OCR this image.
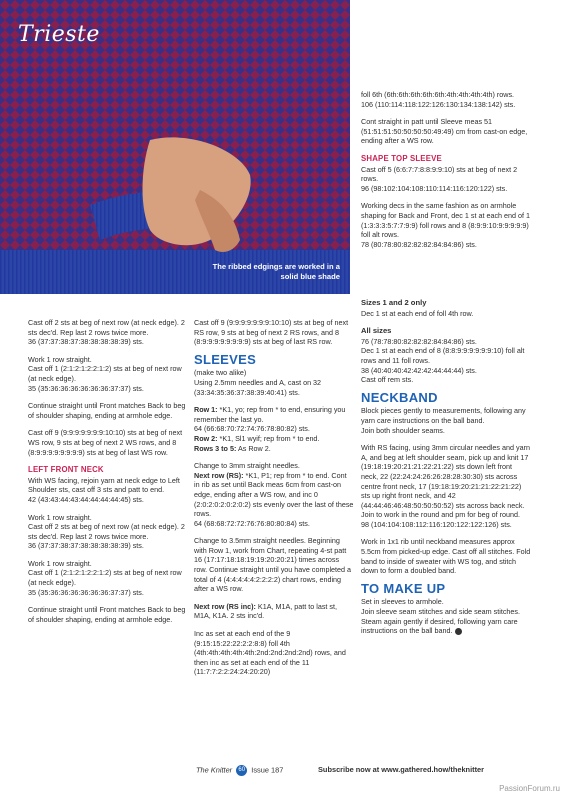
Trieste
The ribbed edgings are worked in a solid blue shade

Cast off 2 sts at beg of next row (at neck edge). 2 sts dec'd. Rep last 2 rows twice more.
36 (37:37:38:37:38:38:38:38:39) sts.

Work 1 row straight.
Cast off 1 (2:1:2:1:2:2:1:2) sts at beg of next row (at neck edge).
35 (35:36:36:36:36:36:36:37:37) sts.

Continue straight until Front matches Back to beg of shoulder shaping, ending at armhole edge.

Cast off 9 (9:9:9:9:9:9:9:10:10) sts at beg of next WS row, 9 sts at beg of next 2 WS rows, and 8 (8:9:9:9:9:9:9:9:9) sts at beg of last WS row.

LEFT FRONT NECK

With WS facing, rejoin yarn at neck edge to Left Shoulder sts, cast off 3 sts and patt to end.
42 (43:43:44:43:44:44:44:44:45) sts.

Work 1 row straight.
Cast off 2 sts at beg of next row (at neck edge). 2 sts dec'd. Rep last 2 rows twice more.
36 (37:37:38:37:38:38:38:38:39) sts.

Work 1 row straight.
Cast off 1 (2:1:2:1:2:2:1:2) sts at beg of next row (at neck edge).
35 (35:36:36:36:36:36:36:37:37) sts.

Continue straight until Front matches Back to beg of shoulder shaping, ending at armhole edge.

Cast off 9 (9:9:9:9:9:9:9:10:10) sts at beg of next RS row, 9 sts at beg of next 2 RS rows, and 8 (8:9:9:9:9:9:9:9:9) sts at beg of last RS row.

SLEEVES

(make two alike)
Using 2.5mm needles and A, cast on 32 (33:34:35:36:37:38:39:40:41) sts.

Row 1: *K1, yo; rep from * to end, ensuring you remember the last yo.
64 (66:68:70:72:74:76:78:80:82) sts.
Row 2: *K1, Sl1 wyif; rep from * to end.
Rows 3 to 5: As Row 2.

Change to 3mm straight needles.
Next row (RS): *K1, P1; rep from * to end. Cont in rib as set until Back meas 6cm from cast-on edge, ending after a WS row, and inc 0 (2:0:2:0:2:0:2:0:2) sts evenly over the last of these rows.
64 (68:68:72:72:76:76:80:80:84) sts.

Change to 3.5mm straight needles. Beginning with Row 1, work from Chart, repeating 4-st patt 16 (17:17:18:18:19:19:20:20:21) times across row. Continue straight until you have completed a total of 4 (4:4:4:4:4:2:2:2:2) chart rows, ending after a WS row.

Next row (RS inc): K1A, M1A, patt to last st, M1A, K1A. 2 sts inc'd.

Inc as set at each end of the 9 (9:15:15:22:22:2:2:8:8) foll 4th (4th:4th:4th:4th:4th:2nd:2nd:2nd:2nd) rows, and then inc as set at each end of the 11 (11:7:7:2:2:24:24:20:20)

foll 6th (6th:6th:6th:6th:6th:4th:4th:4th:4th) rows.
106 (110:114:118:122:126:130:134:138:142) sts.

Cont straight in patt until Sleeve meas 51 (51:51:51:50:50:50:50:49:49) cm from cast-on edge, ending after a WS row.

SHAPE TOP SLEEVE

Cast off 5 (6:6:7:7:8:8:9:9:10) sts at beg of next 2 rows.
96 (98:102:104:108:110:114:116:120:122) sts.

Working decs in the same fashion as on armhole shaping for Back and Front, dec 1 st at each end of 1 (1:3:3:3:5:7:7:9:9) foll rows and 8 (8:9:9:10:9:9:9:9:9) foll alt rows.
78 (80:78:80:82:82:82:84:84:86) sts.

Sizes 1 and 2 only

Dec 1 st at each end of foll 4th row.

All sizes

76 (78:78:80:82:82:82:84:84:86) sts.
Dec 1 st at each end of 8 (8:8:9:9:9:9:9:9:10) foll alt rows and 11 foll rows.
38 (40:40:40:42:42:42:44:44:44) sts.
Cast off rem sts.

NECKBAND

Block pieces gently to measurements, following any yarn care instructions on the ball band.
Join both shoulder seams.

With RS facing, using 3mm circular needles and yarn A, and beg at left shoulder seam, pick up and knit 17 (19:18:19:20:21:21:22:21:22) sts down left front neck, 22 (22:24:24:26:26:28:28:30:30) sts across centre front neck, 17 (19:18:19:20:21:21:22:21:22) sts up right front neck, and 42 (44:44:46:46:48:50:50:50:52) sts across back neck. Join to work in the round and pm for beg of round.
98 (104:104:108:112:116:120:122:122:126) sts.

Work in 1x1 rib until neckband measures approx 5.5cm from picked-up edge. Cast off all stitches. Fold band to inside of sweater with WS tog, and stitch down to form a doubled band.

TO MAKE UP

Set in sleeves to armhole.
Join sleeve seam stitches and side seam stitches.
Steam again gently if desired, following yarn care instructions on the ball band.

The Knitter 60 Issue 187	Subscribe now at www.gathered.how/theknitter
PassionForum.ru
